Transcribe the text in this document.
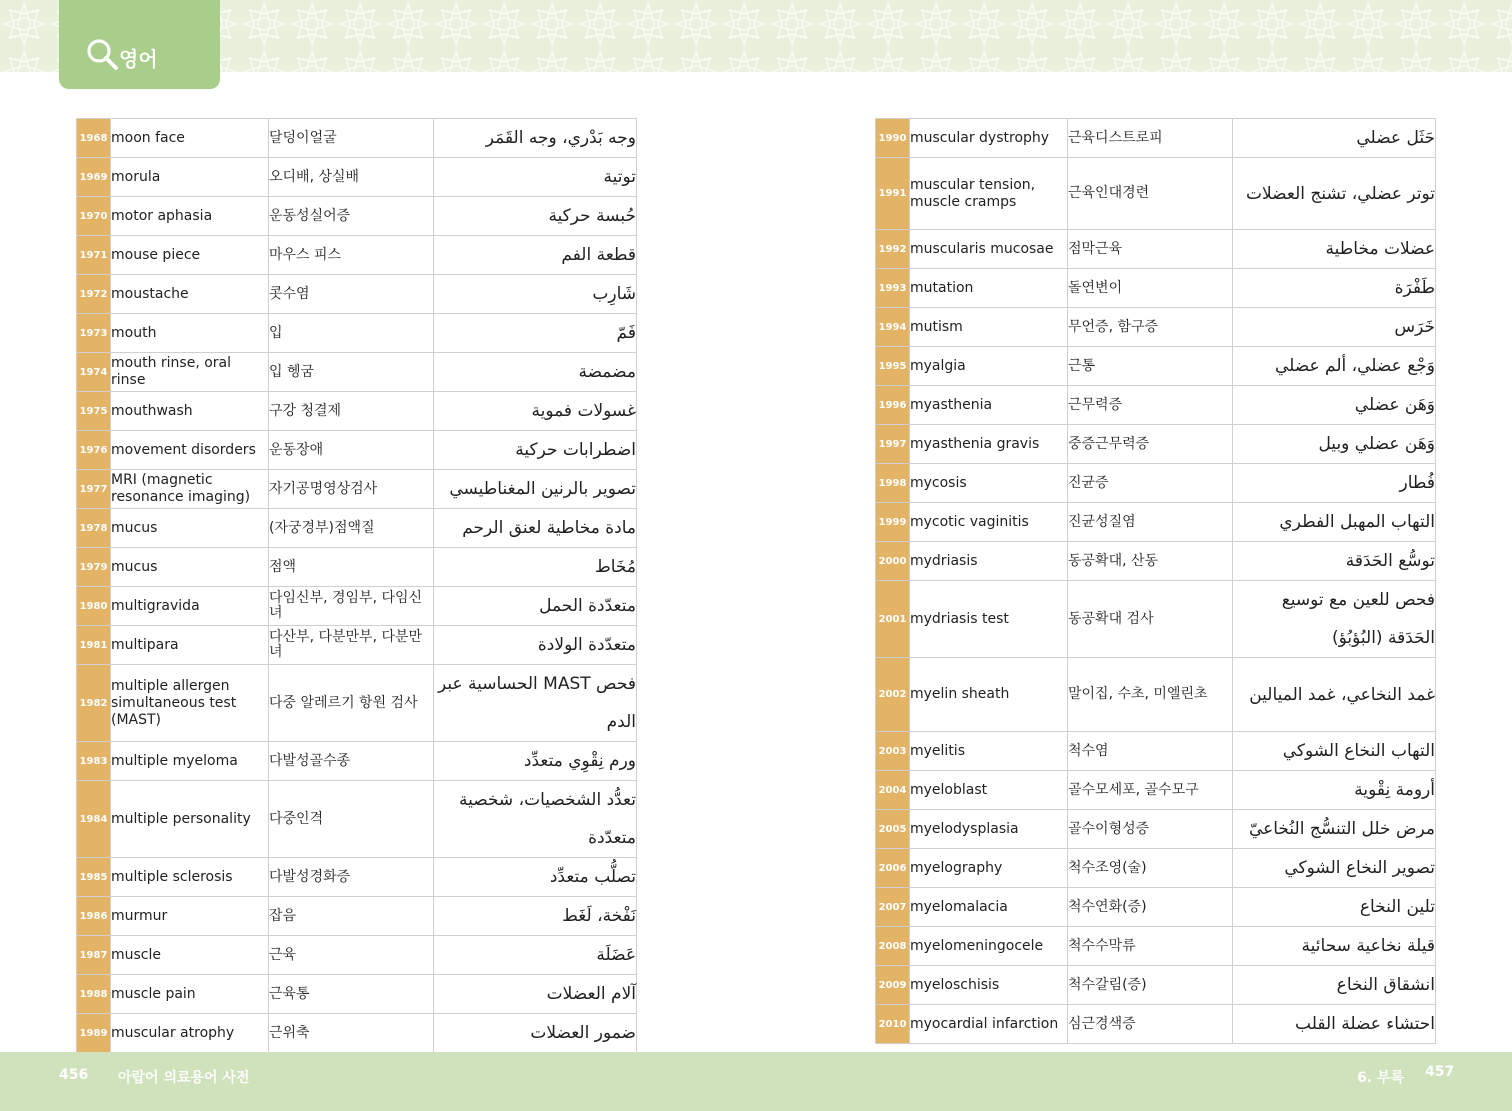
영어
1968	moon face	달덩이얼굴	وجه بَدْري، وجه القَمَر
1969	morula	오디배, 상실배	توتية
1970	motor aphasia	운동성실어증	حُبسة حركية
1971	mouse piece	마우스 피스	قطعة الفم
1972	moustache	콧수염	شَارِب
1973	mouth	입	فَمّ
1974	mouth rinse, oral rinse	입 헹굼	مضمضة
1975	mouthwash	구강 청결제	غسولات فموية
1976	movement disorders	운동장애	اضطرابات حركية
1977	MRI (magnetic resonance imaging)	자기공명영상검사	تصوير بالرنين المغناطيسي
1978	mucus	(자궁경부)점액질	مادة مخاطية لعنق الرحم
1979	mucus	점액	مُخَاط
1980	multigravida	다임신부, 경임부, 다임신녀	متعدّدة الحمل
1981	multipara	다산부, 다분만부, 다분만녀	متعدّدة الولادة
1982	multiple allergen simultaneous test (MAST)	다중 알레르기 항원 검사	فحص MAST الحساسية عبر الدم
1983	multiple myeloma	다발성골수종	ورم نِقْوِي متعدِّد
1984	multiple personality	다중인격	تعدُّد الشخصيات، شخصية متعدّدة
1985	multiple sclerosis	다발성경화증	تصلُّب متعدِّد
1986	murmur	잡음	نَفْخة، لَغَط
1987	muscle	근육	عَضَلَة
1988	muscle pain	근육통	آلام العضلات
1989	muscular atrophy	근위축	ضمور العضلات
1990	muscular dystrophy	근육디스트로피	حَثَل عضلي
1991	muscular tension, muscle cramps	근육인대경련	توتر عضلي، تشنج العضلات
1992	muscularis mucosae	점막근육	عضلات مخاطية
1993	mutation	돌연변이	طَفْرَة
1994	mutism	무언증, 함구증	خَرَس
1995	myalgia	근통	وَجْع عضلي، ألم عضلي
1996	myasthenia	근무력증	وَهَن عضلي
1997	myasthenia gravis	중증근무력증	وَهَن عضلي وبيل
1998	mycosis	진균증	فُطار
1999	mycotic vaginitis	진균성질염	التهاب المهبل الفطري
2000	mydriasis	동공확대, 산동	توسُّع الحَدَقة
2001	mydriasis test	동공확대 검사	فحص للعين مع توسيع الحَدَقة (البُؤبُؤ)
2002	myelin sheath	말이집, 수초, 미엘린초	غمد النخاعي، غمد الميالين
2003	myelitis	척수염	التهاب النخاع الشوكي
2004	myeloblast	골수모세포, 골수모구	أرومة نِقْوية
2005	myelodysplasia	골수이형성증	مرض خلل التنسُّج النُخاعيّ
2006	myelography	척수조영(술)	تصوير النخاع الشوكي
2007	myelomalacia	척수연화(증)	تلين النخاع
2008	myelomeningocele	척수수막류	قيلة نخاعية سحائية
2009	myeloschisis	척수갈림(증)	انشقاق النخاع
2010	myocardial infarction	심근경색증	احتشاء عضلة القلب
456 아랍어 의료용어 사전	6. 부록 457
